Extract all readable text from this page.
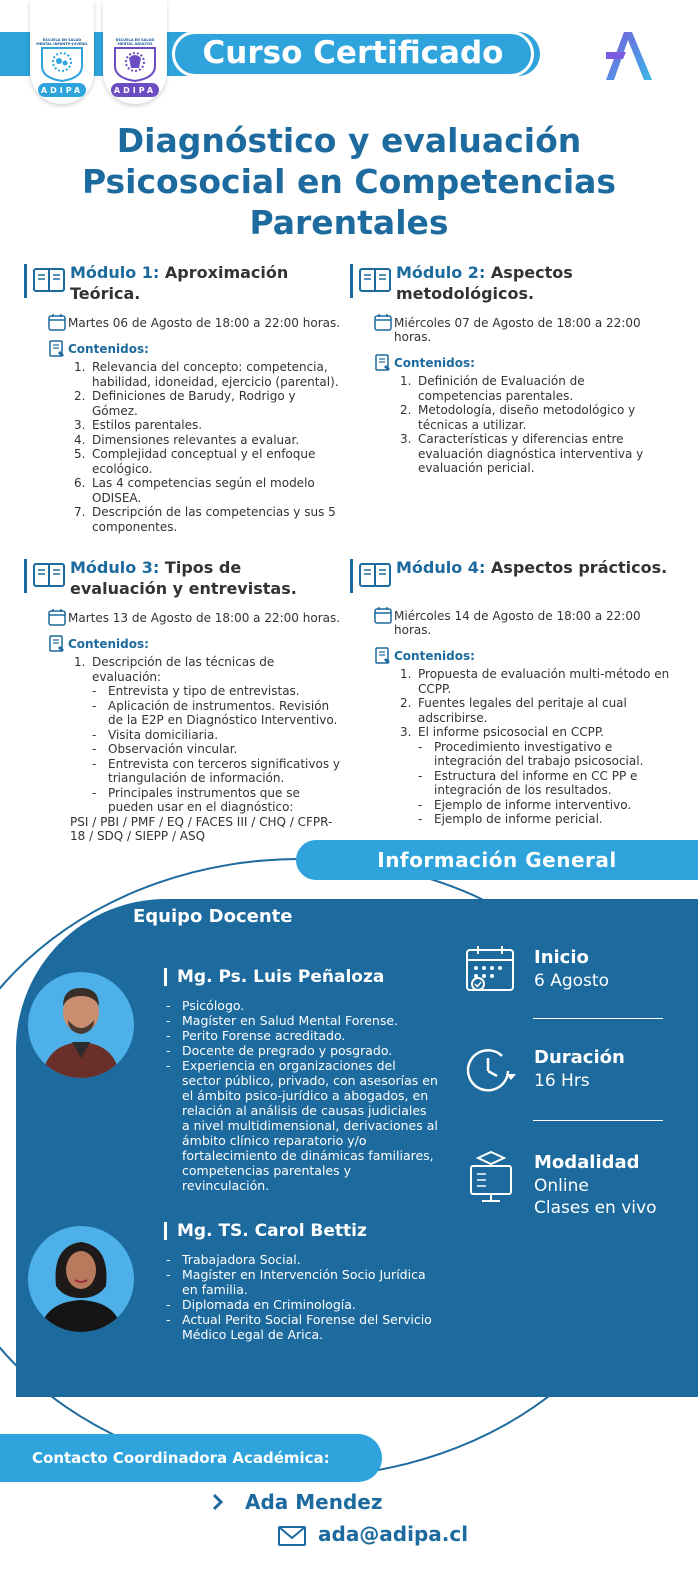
Curso Certificado
ESCUELA EN SALUD MENTAL INFANTO-JUVENIL
ADIPA
ESCUELA EN SALUD MENTAL ADULTOS
ADIPA
Diagnóstico y evaluación Psicosocial en Competencias Parentales
Módulo 1: Aproximación Teórica.
Martes 06 de Agosto de 18:00 a 22:00 horas.
Contenidos:
1. Relevancia del concepto: competencia, habilidad, idoneidad, ejercicio (parental).
2. Definiciones de Barudy, Rodrigo y Gómez.
3. Estilos parentales.
4. Dimensiones relevantes a evaluar.
5. Complejidad conceptual y el enfoque ecológico.
6. Las 4 competencias según el modelo ODISEA.
7. Descripción de las competencias y sus 5 componentes.
Módulo 2: Aspectos metodológicos.
Miércoles 07 de Agosto de 18:00 a 22:00 horas.
Contenidos:
1. Definición de Evaluación de competencias parentales.
2. Metodología, diseño metodológico y técnicas a utilizar.
3. Características y diferencias entre evaluación diagnóstica interventiva y evaluación pericial.
Módulo 3: Tipos de evaluación y entrevistas.
Martes 13 de Agosto de 18:00 a 22:00 horas.
Contenidos:
1. Descripción de las técnicas de evaluación:
- Entrevista y tipo de entrevistas.
- Aplicación de instrumentos. Revisión de la E2P en Diagnóstico Interventivo.
- Visita domiciliaria.
- Observación vincular.
- Entrevista con terceros significativos y triangulación de información.
- Principales instrumentos que se pueden usar en el diagnóstico:
PSI / PBI / PMF / EQ / FACES III / CHQ / CFPR-18 / SDQ / SIEPP / ASQ
Módulo 4: Aspectos prácticos.
Miércoles 14 de Agosto de 18:00 a 22:00 horas.
Contenidos:
1. Propuesta de evaluación multi-método en CCPP.
2. Fuentes legales del peritaje al cual adscribirse.
3. El informe psicosocial en CCPP.
- Procedimiento investigativo e integración del trabajo psicosocial.
- Estructura del informe en CC PP e integración de los resultados.
- Ejemplo de informe interventivo.
- Ejemplo de informe pericial.
Información General
Equipo Docente
Mg. Ps. Luis Peñaloza
- Psicólogo.
- Magíster en Salud Mental Forense.
- Perito Forense acreditado.
- Docente de pregrado y posgrado.
- Experiencia en organizaciones del sector público, privado, con asesorías en el ámbito psico-jurídico a abogados, en relación al análisis de causas judiciales a nivel multidimensional, derivaciones al ámbito clínico reparatorio y/o fortalecimiento de dinámicas familiares, competencias parentales y revinculación.
Mg. TS. Carol Bettiz
- Trabajadora Social.
- Magíster en Intervención Socio Jurídica en familia.
- Diplomada en Criminología.
- Actual Perito Social Forense del Servicio Médico Legal de Arica.
Inicio
6 Agosto
Duración
16 Hrs
Modalidad
Online
Clases en vivo
Contacto Coordinadora Académica:
Ada Mendez
ada@adipa.cl
